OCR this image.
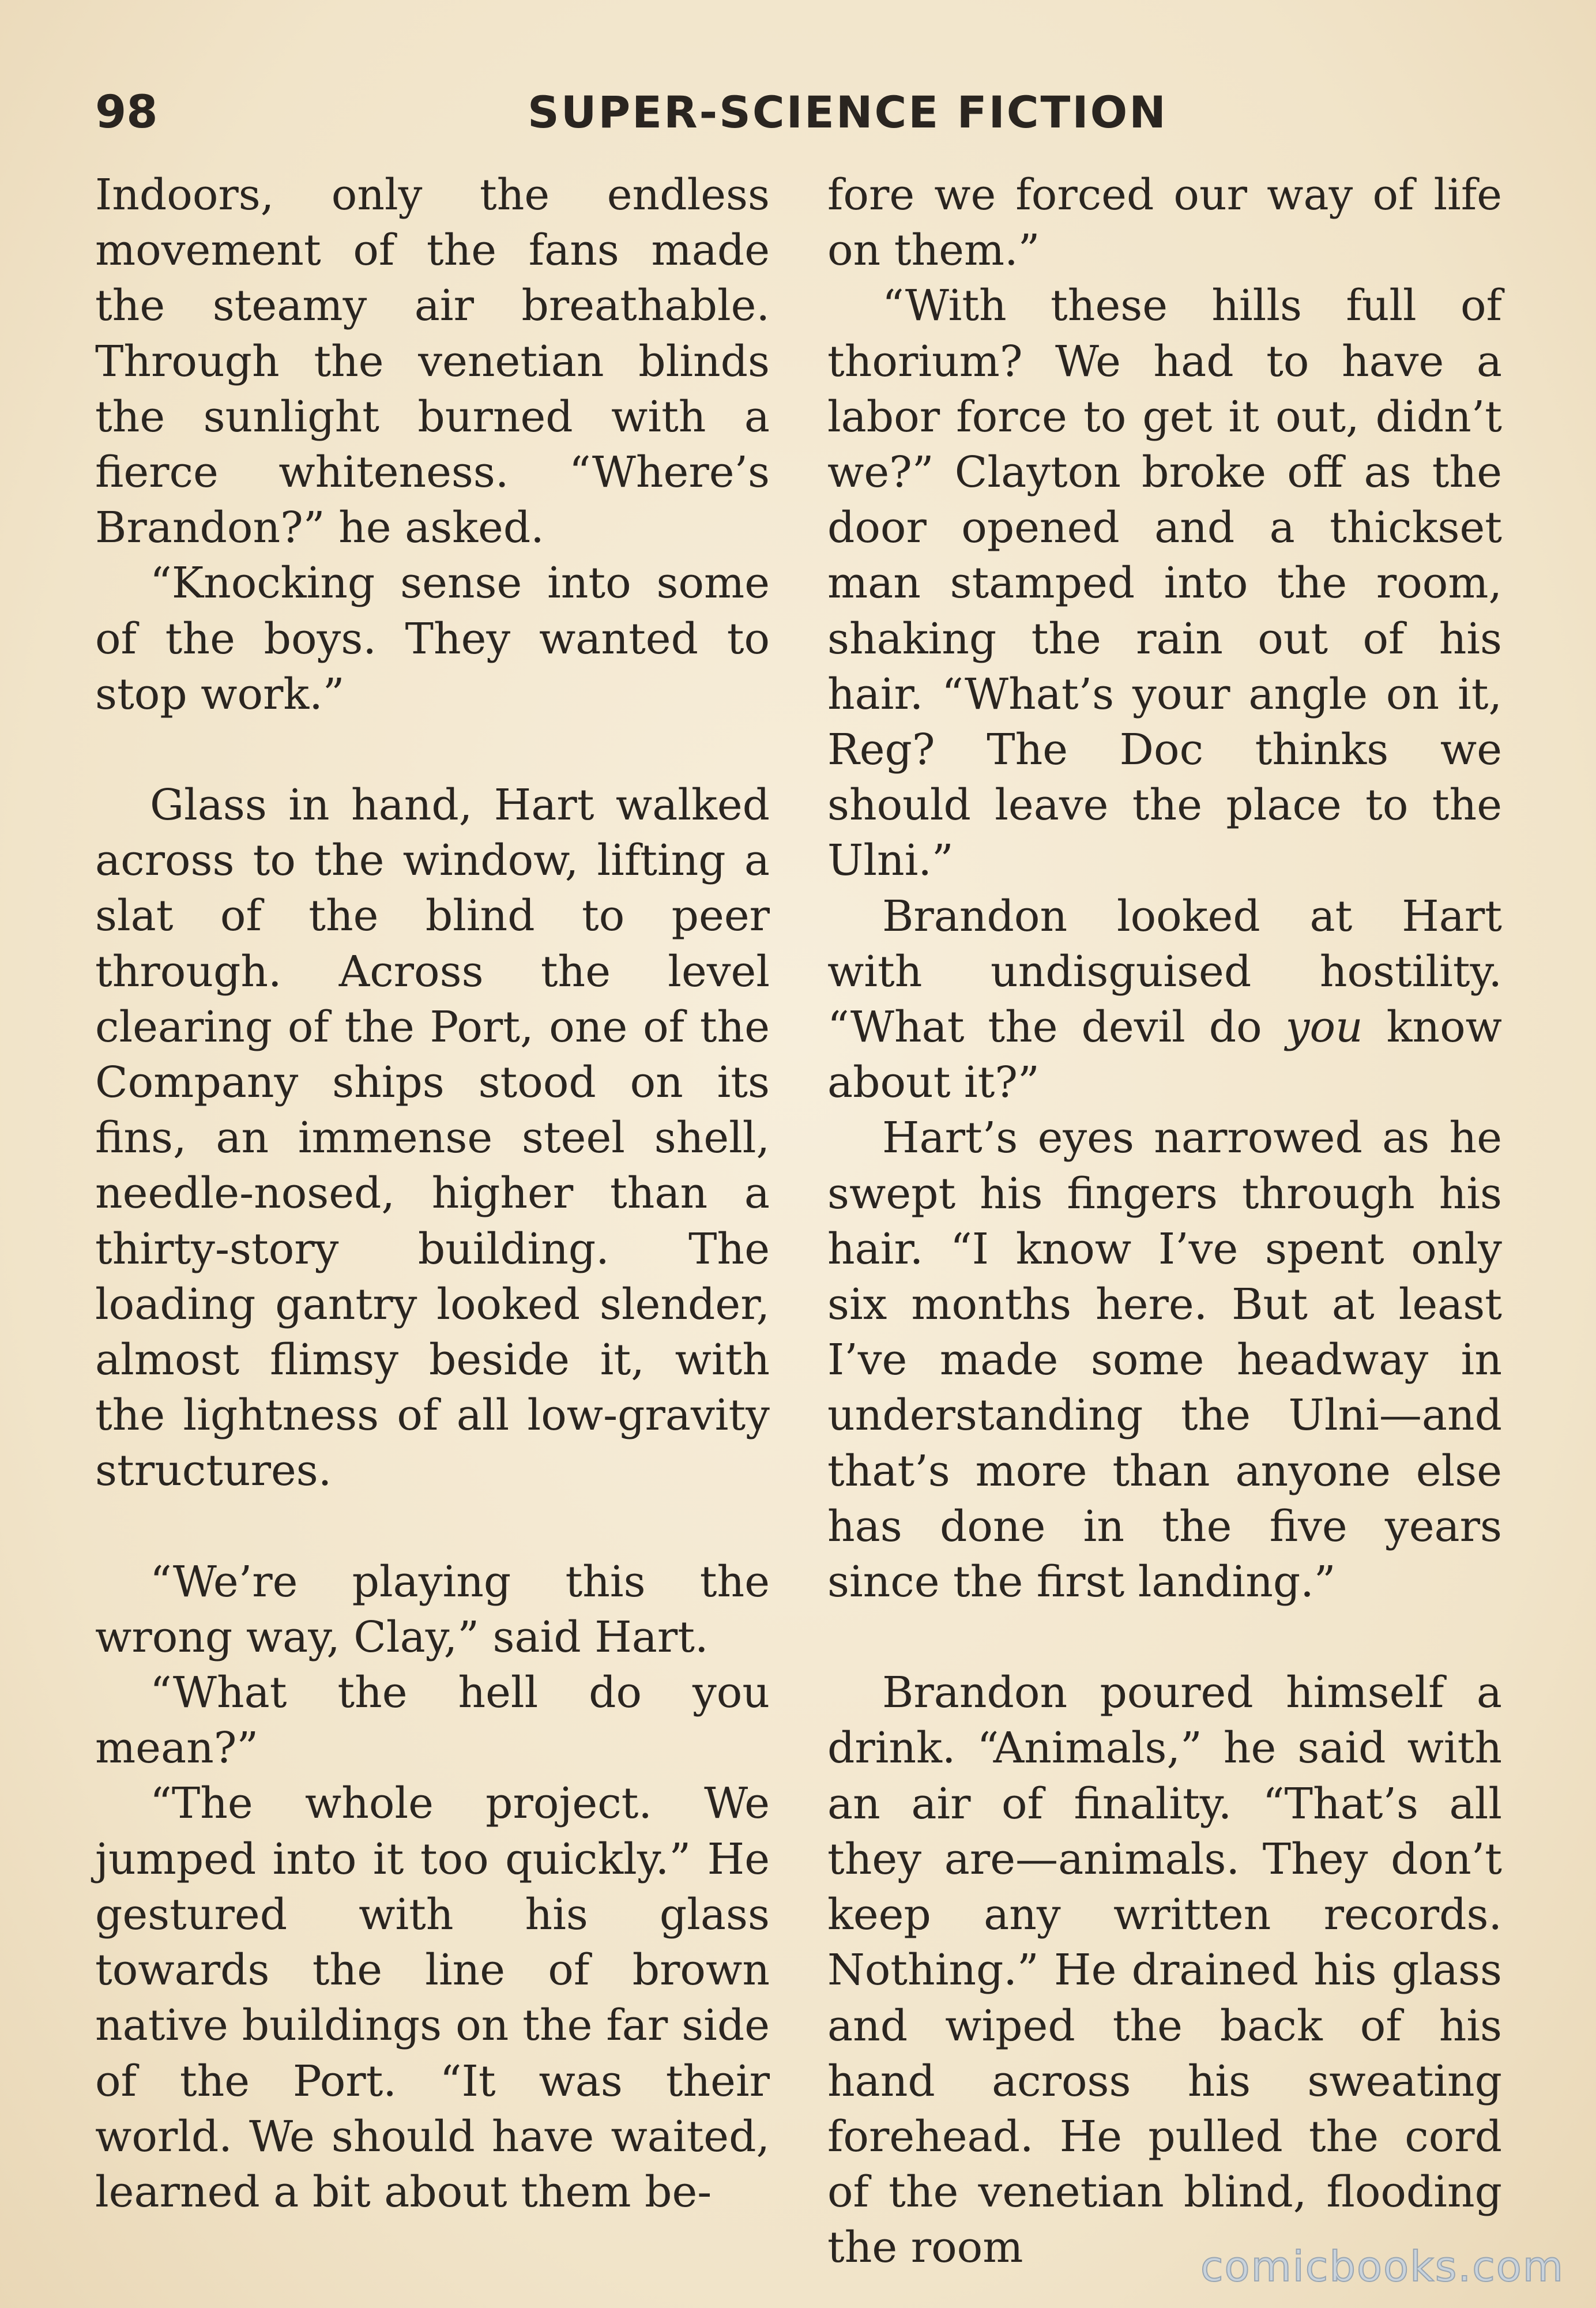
98	SUPER-SCIENCE FICTION

Indoors, only the endless movement of the fans made the steamy air breathable. Through the venetian blinds the sunlight burned with a fierce whiteness. “Where’s Brandon?” he asked.

“Knocking sense into some of the boys. They wanted to stop work.”

Glass in hand, Hart walked across to the window, lifting a slat of the blind to peer through. Across the level clearing of the Port, one of the Company ships stood on its fins, an immense steel shell, needle-nosed, higher than a thirty-story building. The loading gantry looked slender, almost flimsy beside it, with the lightness of all low-gravity structures.

“We’re playing this the wrong way, Clay,” said Hart.

“What the hell do you mean?”

“The whole project. We jumped into it too quickly.” He gestured with his glass towards the line of brown native buildings on the far side of the Port. “It was their world. We should have waited, learned a bit about them be-

fore we forced our way of life on them.”

“With these hills full of thorium? We had to have a labor force to get it out, didn’t we?” Clayton broke off as the door opened and a thickset man stamped into the room, shaking the rain out of his hair. “What’s your angle on it, Reg? The Doc thinks we should leave the place to the Ulni.”

Brandon looked at Hart with undisguised hostility. “What the devil do you know about it?”

Hart’s eyes narrowed as he swept his fingers through his hair. “I know I’ve spent only six months here. But at least I’ve made some headway in understanding the Ulni—and that’s more than anyone else has done in the five years since the first landing.”

Brandon poured himself a drink. “Animals,” he said with an air of finality. “That’s all they are—animals. They don’t keep any written records. Nothing.” He drained his glass and wiped the back of his hand across his sweating forehead. He pulled the cord of the venetian blind, flooding the room	comicbooks.com
